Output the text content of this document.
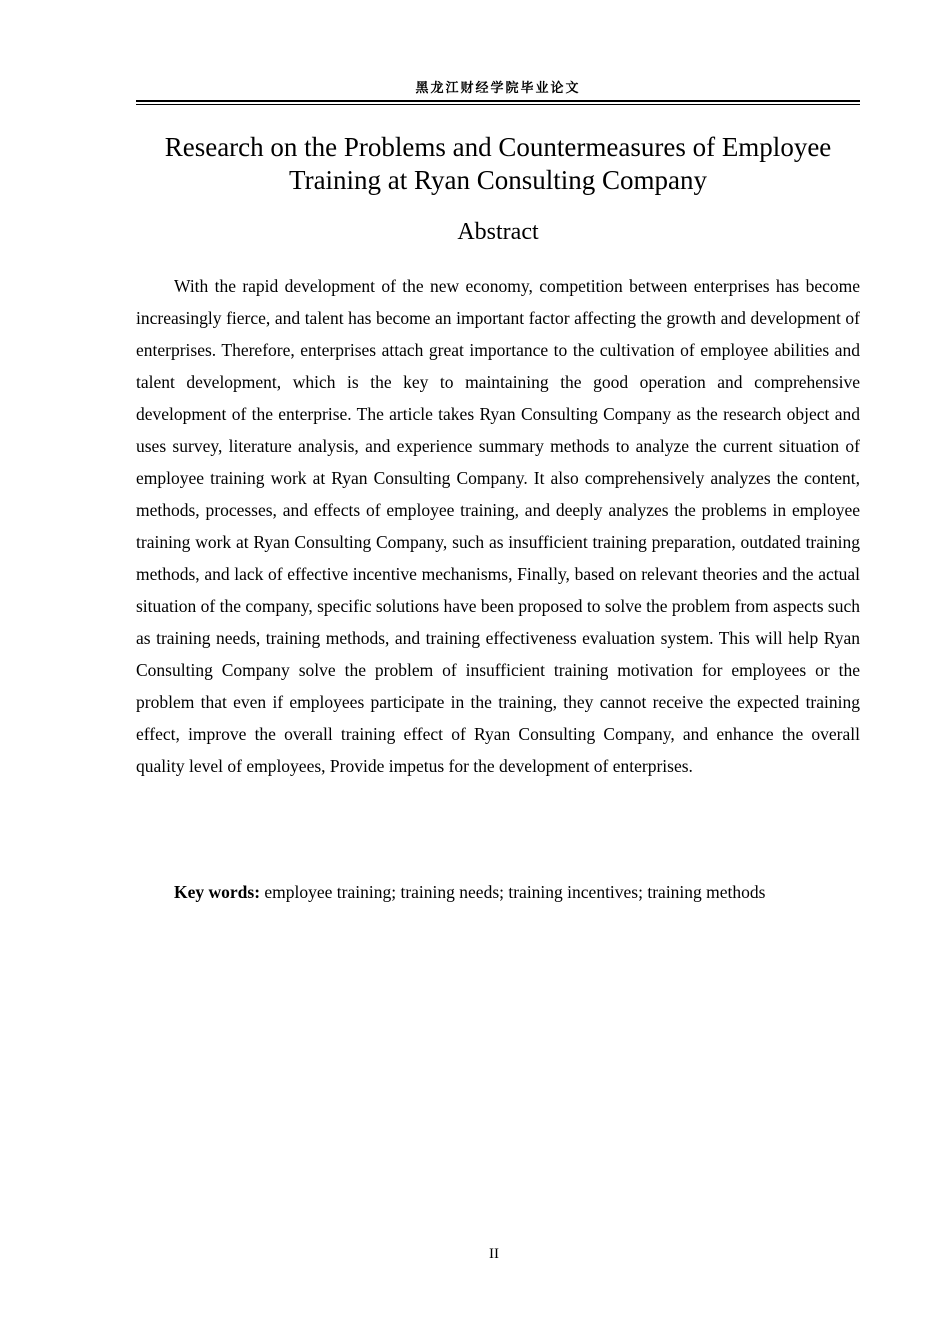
黑龙江财经学院毕业论文
Research on the Problems and Countermeasures of Employee
Training at Ryan Consulting Company
Abstract

With the rapid development of the new economy, competition between enterprises has become increasingly fierce, and talent has become an important factor affecting the growth and development of enterprises. Therefore, enterprises attach great importance to the cultivation of employee abilities and talent development, which is the key to maintaining the good operation and comprehensive development of the enterprise. The article takes Ryan Consulting Company as the research object and uses survey, literature analysis, and experience summary methods to analyze the current situation of employee training work at Ryan Consulting Company. It also comprehensively analyzes the content, methods, processes, and effects of employee training, and deeply analyzes the problems in employee training work at Ryan Consulting Company, such as insufficient training preparation, outdated training methods, and lack of effective incentive mechanisms, Finally, based on relevant theories and the actual situation of the company, specific solutions have been proposed to solve the problem from aspects such as training needs, training methods, and training effectiveness evaluation system. This will help Ryan Consulting Company solve the problem of insufficient training motivation for employees or the problem that even if employees participate in the training, they cannot receive the expected training effect, improve the overall training effect of Ryan Consulting Company, and enhance the overall quality level of employees, Provide impetus for the development of enterprises.

Key words: employee training; training needs; training incentives; training methods

II
